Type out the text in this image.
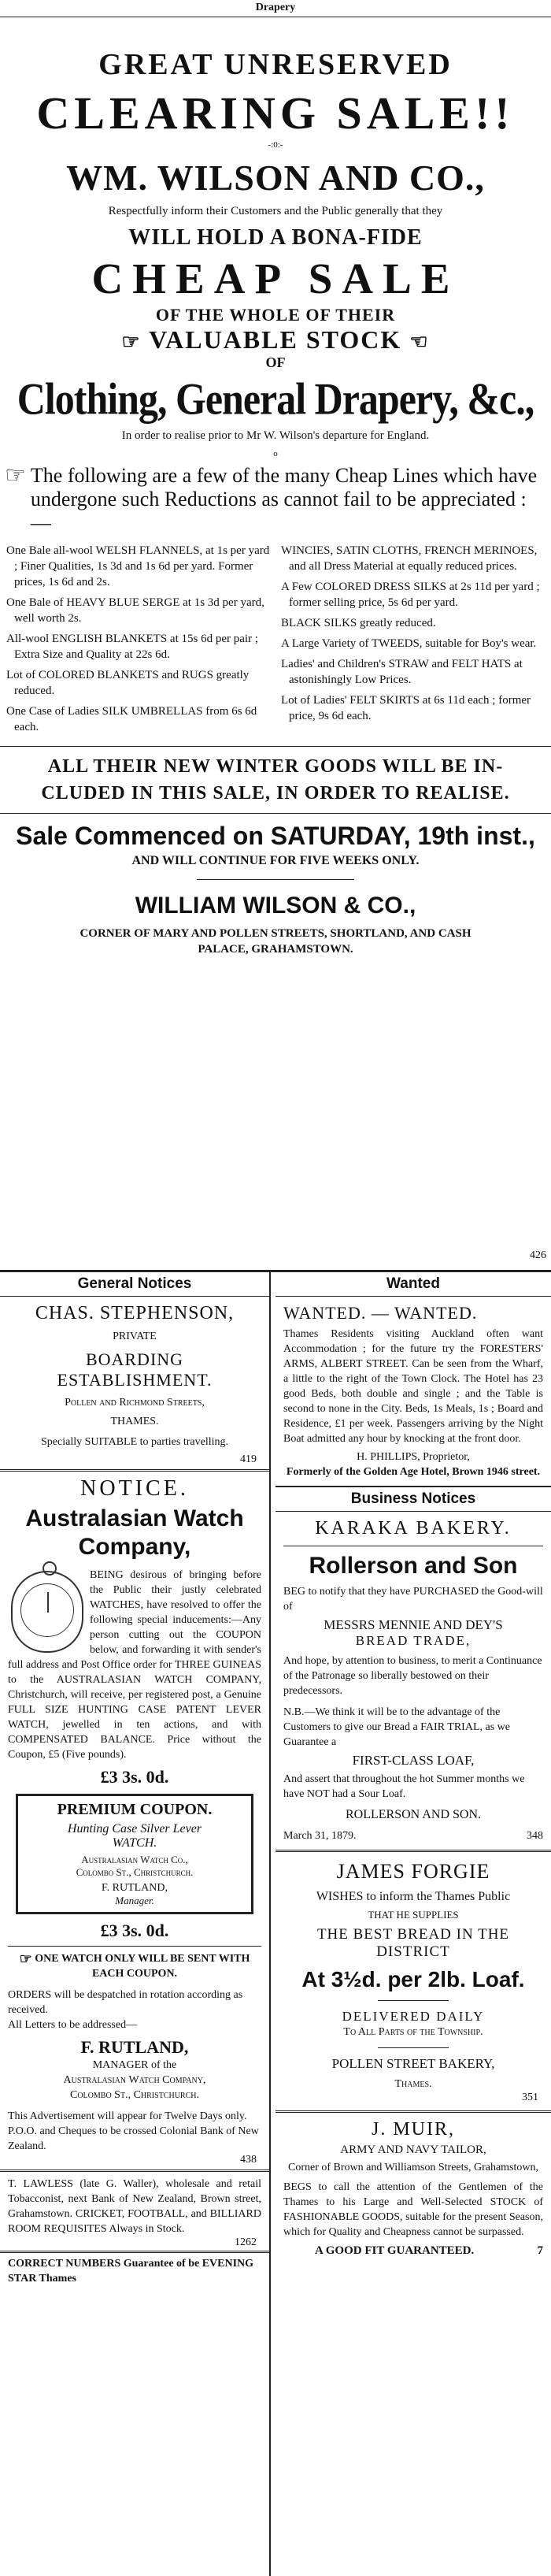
Drapery
GREAT UNRESERVED
CLEARING SALE!!
-:0:-
WM. WILSON AND CO.,
Respectfully inform their Customers and the Public generally that they
WILL HOLD A BONA-FIDE
CHEAP SALE
OF THE WHOLE OF THEIR
☞ VALUABLE STOCK ☜
OF
Clothing, General Drapery, &c.,
In order to realise prior to Mr W. Wilson's departure for England.
o
☞ The following are a few of the many Cheap Lines which have undergone such Reductions as cannot fail to be appreciated :—

One Bale all-wool WELSH FLANNELS, at 1s per yard ; Finer Qualities, 1s 3d and 1s 6d per yard. Former prices, 1s 6d and 2s.

One Bale of HEAVY BLUE SERGE at 1s 3d per yard, well worth 2s.

All-wool ENGLISH BLANKETS at 15s 6d per pair ; Extra Size and Quality at 22s 6d.

Lot of COLORED BLANKETS and RUGS greatly reduced.

One Case of Ladies SILK UMBRELLAS from 6s 6d each.

WINCIES, SATIN CLOTHS, FRENCH MERINOES, and all Dress Material at equally reduced prices.

A Few COLORED DRESS SILKS at 2s 11d per yard ; former selling price, 5s 6d per yard.

BLACK SILKS greatly reduced.

A Large Variety of TWEEDS, suitable for Boy's wear.

Ladies' and Children's STRAW and FELT HATS at astonishingly Low Prices.

Lot of Ladies' FELT SKIRTS at 6s 11d each ; former price, 9s 6d each.

ALL THEIR NEW WINTER GOODS WILL BE IN-CLUDED IN THIS SALE, IN ORDER TO REALISE.
Sale Commenced on SATURDAY, 19th inst.,
AND WILL CONTINUE FOR FIVE WEEKS ONLY.
WILLIAM WILSON & CO.,
CORNER OF MARY AND POLLEN STREETS, SHORTLAND, AND CASH PALACE, GRAHAMSTOWN.
426
General Notices
CHAS. STEPHENSON,
PRIVATE
BOARDING ESTABLISHMENT.
Pollen and Richmond Streets,
THAMES.
Specially SUITABLE to parties travelling.
419
NOTICE.
Australasian Watch Company,
BEING desirous of bringing before the Public their justly celebrated WATCHES, have resolved to offer the following special inducements:—Any person cutting out the COUPON below, and forwarding it with sender's full address and Post Office order for THREE GUINEAS to the AUSTRALASIAN WATCH COMPANY, Christchurch, will receive, per registered post, a Genuine FULL SIZE HUNTING CASE PATENT LEVER WATCH, jewelled in ten actions, and with COMPENSATED BALANCE. Price without the Coupon, £5 (Five pounds).
£3 3s. 0d.
PREMIUM COUPON.
Hunting Case Silver Lever
WATCH.
Australasian Watch Co.,
Colombo St., Christchurch.
F. RUTLAND,
Manager.
£3 3s. 0d.
☞ ONE WATCH ONLY WILL BE SENT WITH EACH COUPON.
ORDERS will be despatched in rotation according as received.
All Letters to be addressed—
F. RUTLAND,
MANAGER of the
Australasian Watch Company,
Colombo St., Christchurch.
This Advertisement will appear for Twelve Days only. P.O.O. and Cheques to be crossed Colonial Bank of New Zealand.
438
T. LAWLESS (late G. Waller), wholesale and retail Tobacconist, next Bank of New Zealand, Brown street, Grahamstown. CRICKET, FOOTBALL, and BILLIARD ROOM REQUISITES Always in Stock.
1262
CORRECT NUMBERS Guarantee of be EVENING STAR Thames
Wanted
WANTED. — WANTED.
Thames Residents visiting Auckland often want Accommodation ; for the future try the FORESTERS' ARMS, ALBERT STREET. Can be seen from the Wharf, a little to the right of the Town Clock. The Hotel has 23 good Beds, both double and single ; and the Table is second to none in the City. Beds, 1s Meals, 1s ; Board and Residence, £1 per week. Passengers arriving by the Night Boat admitted any hour by knocking at the front door.
H. PHILLIPS, Proprietor,
Formerly of the Golden Age Hotel, Brown 1946 street.
Business Notices
KARAKA BAKERY.
Rollerson and Son
BEG to notify that they have PURCHASED the Good-will of
MESSRS MENNIE AND DEY'S
BREAD TRADE,
And hope, by attention to business, to merit a Continuance of the Patronage so liberally bestowed on their predecessors.
N.B.—We think it will be to the advantage of the Customers to give our Bread a FAIR TRIAL, as we Guarantee a
FIRST-CLASS LOAF,
And assert that throughout the hot Summer months we have NOT had a Sour Loaf.
ROLLERSON AND SON.
March 31, 1879.	348
JAMES FORGIE
WISHES to inform the Thames Public
THAT HE SUPPLIES
THE BEST BREAD IN THE
DISTRICT
At 3½d. per 2lb. Loaf.
DELIVERED DAILY
To All Parts of the Township.
POLLEN STREET BAKERY,
Thames.
351
J. MUIR,
ARMY AND NAVY TAILOR,
Corner of Brown and Williamson Streets, Grahamstown,
BEGS to call the attention of the Gentlemen of the Thames to his Large and Well-Selected STOCK of FASHIONABLE GOODS, suitable for the present Season, which for Quality and Cheapness cannot be surpassed.
A GOOD FIT GUARANTEED.	7
